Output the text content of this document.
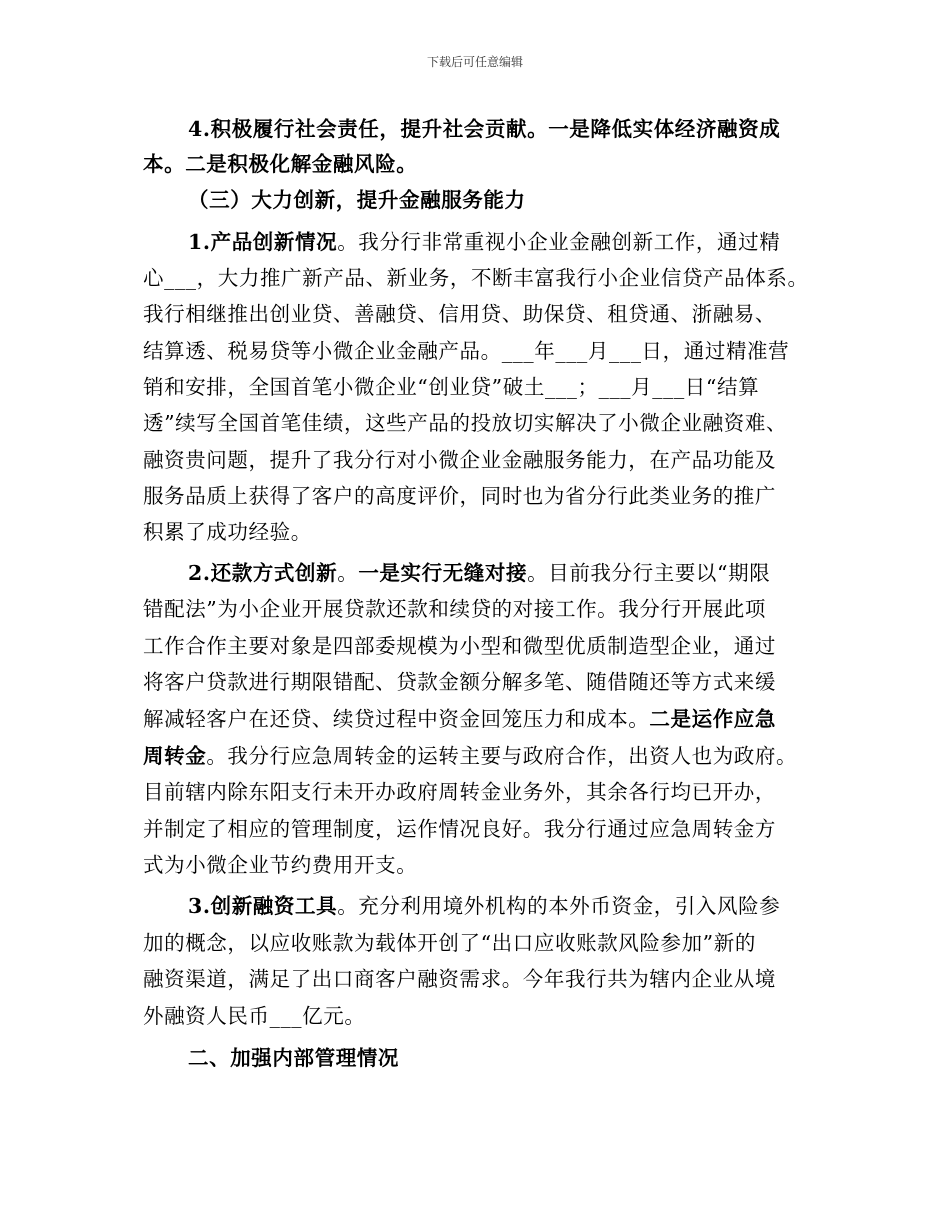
下载后可任意编辑
4.积极履行社会责任，提升社会贡献。一是降低实体经济融资成
本。二是积极化解金融风险。
（三）大力创新，提升金融服务能力
1.产品创新情况。我分行非常重视小企业金融创新工作，通过精
心___，大力推广新产品、新业务，不断丰富我行小企业信贷产品体系。
我行相继推出创业贷、善融贷、信用贷、助保贷、租贷通、浙融易、
结算透、税易贷等小微企业金融产品。___年___月___日，通过精准营
销和安排，全国首笔小微企业“创业贷”破土___；___月___日“结算
透”续写全国首笔佳绩，这些产品的投放切实解决了小微企业融资难、
融资贵问题，提升了我分行对小微企业金融服务能力，在产品功能及
服务品质上获得了客户的高度评价，同时也为省分行此类业务的推广
积累了成功经验。
2.还款方式创新。一是实行无缝对接。目前我分行主要以“期限
错配法”为小企业开展贷款还款和续贷的对接工作。我分行开展此项
工作合作主要对象是四部委规模为小型和微型优质制造型企业，通过
将客户贷款进行期限错配、贷款金额分解多笔、随借随还等方式来缓
解减轻客户在还贷、续贷过程中资金回笼压力和成本。二是运作应急
周转金。我分行应急周转金的运转主要与政府合作，出资人也为政府。
目前辖内除东阳支行未开办政府周转金业务外，其余各行均已开办，
并制定了相应的管理制度，运作情况良好。我分行通过应急周转金方
式为小微企业节约费用开支。
3.创新融资工具。充分利用境外机构的本外币资金，引入风险参
加的概念，以应收账款为载体开创了“出口应收账款风险参加”新的
融资渠道，满足了出口商客户融资需求。今年我行共为辖内企业从境
外融资人民币___亿元。
二、加强内部管理情况
